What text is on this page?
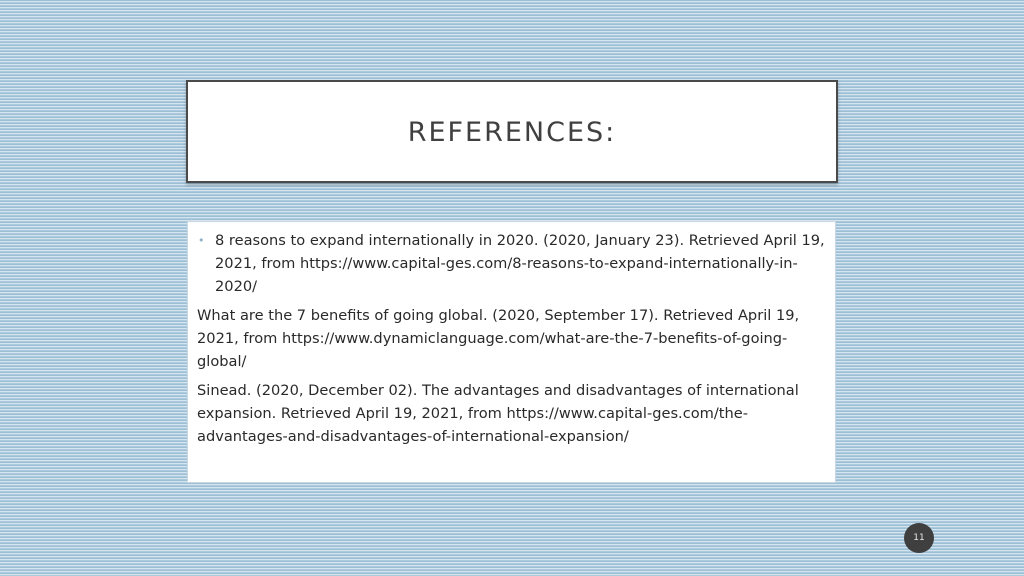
REFERENCES:

• 8 reasons to expand internationally in 2020. (2020, January 23). Retrieved April 19, 2021, from https://www.capital-ges.com/8-reasons-to-expand-internationally-in-2020/

What are the 7 benefits of going global. (2020, September 17). Retrieved April 19, 2021, from https://www.dynamiclanguage.com/what-are-the-7-benefits-of-going-global/

Sinead. (2020, December 02). The advantages and disadvantages of international expansion. Retrieved April 19, 2021, from https://www.capital-ges.com/the-advantages-and-disadvantages-of-international-expansion/

11
